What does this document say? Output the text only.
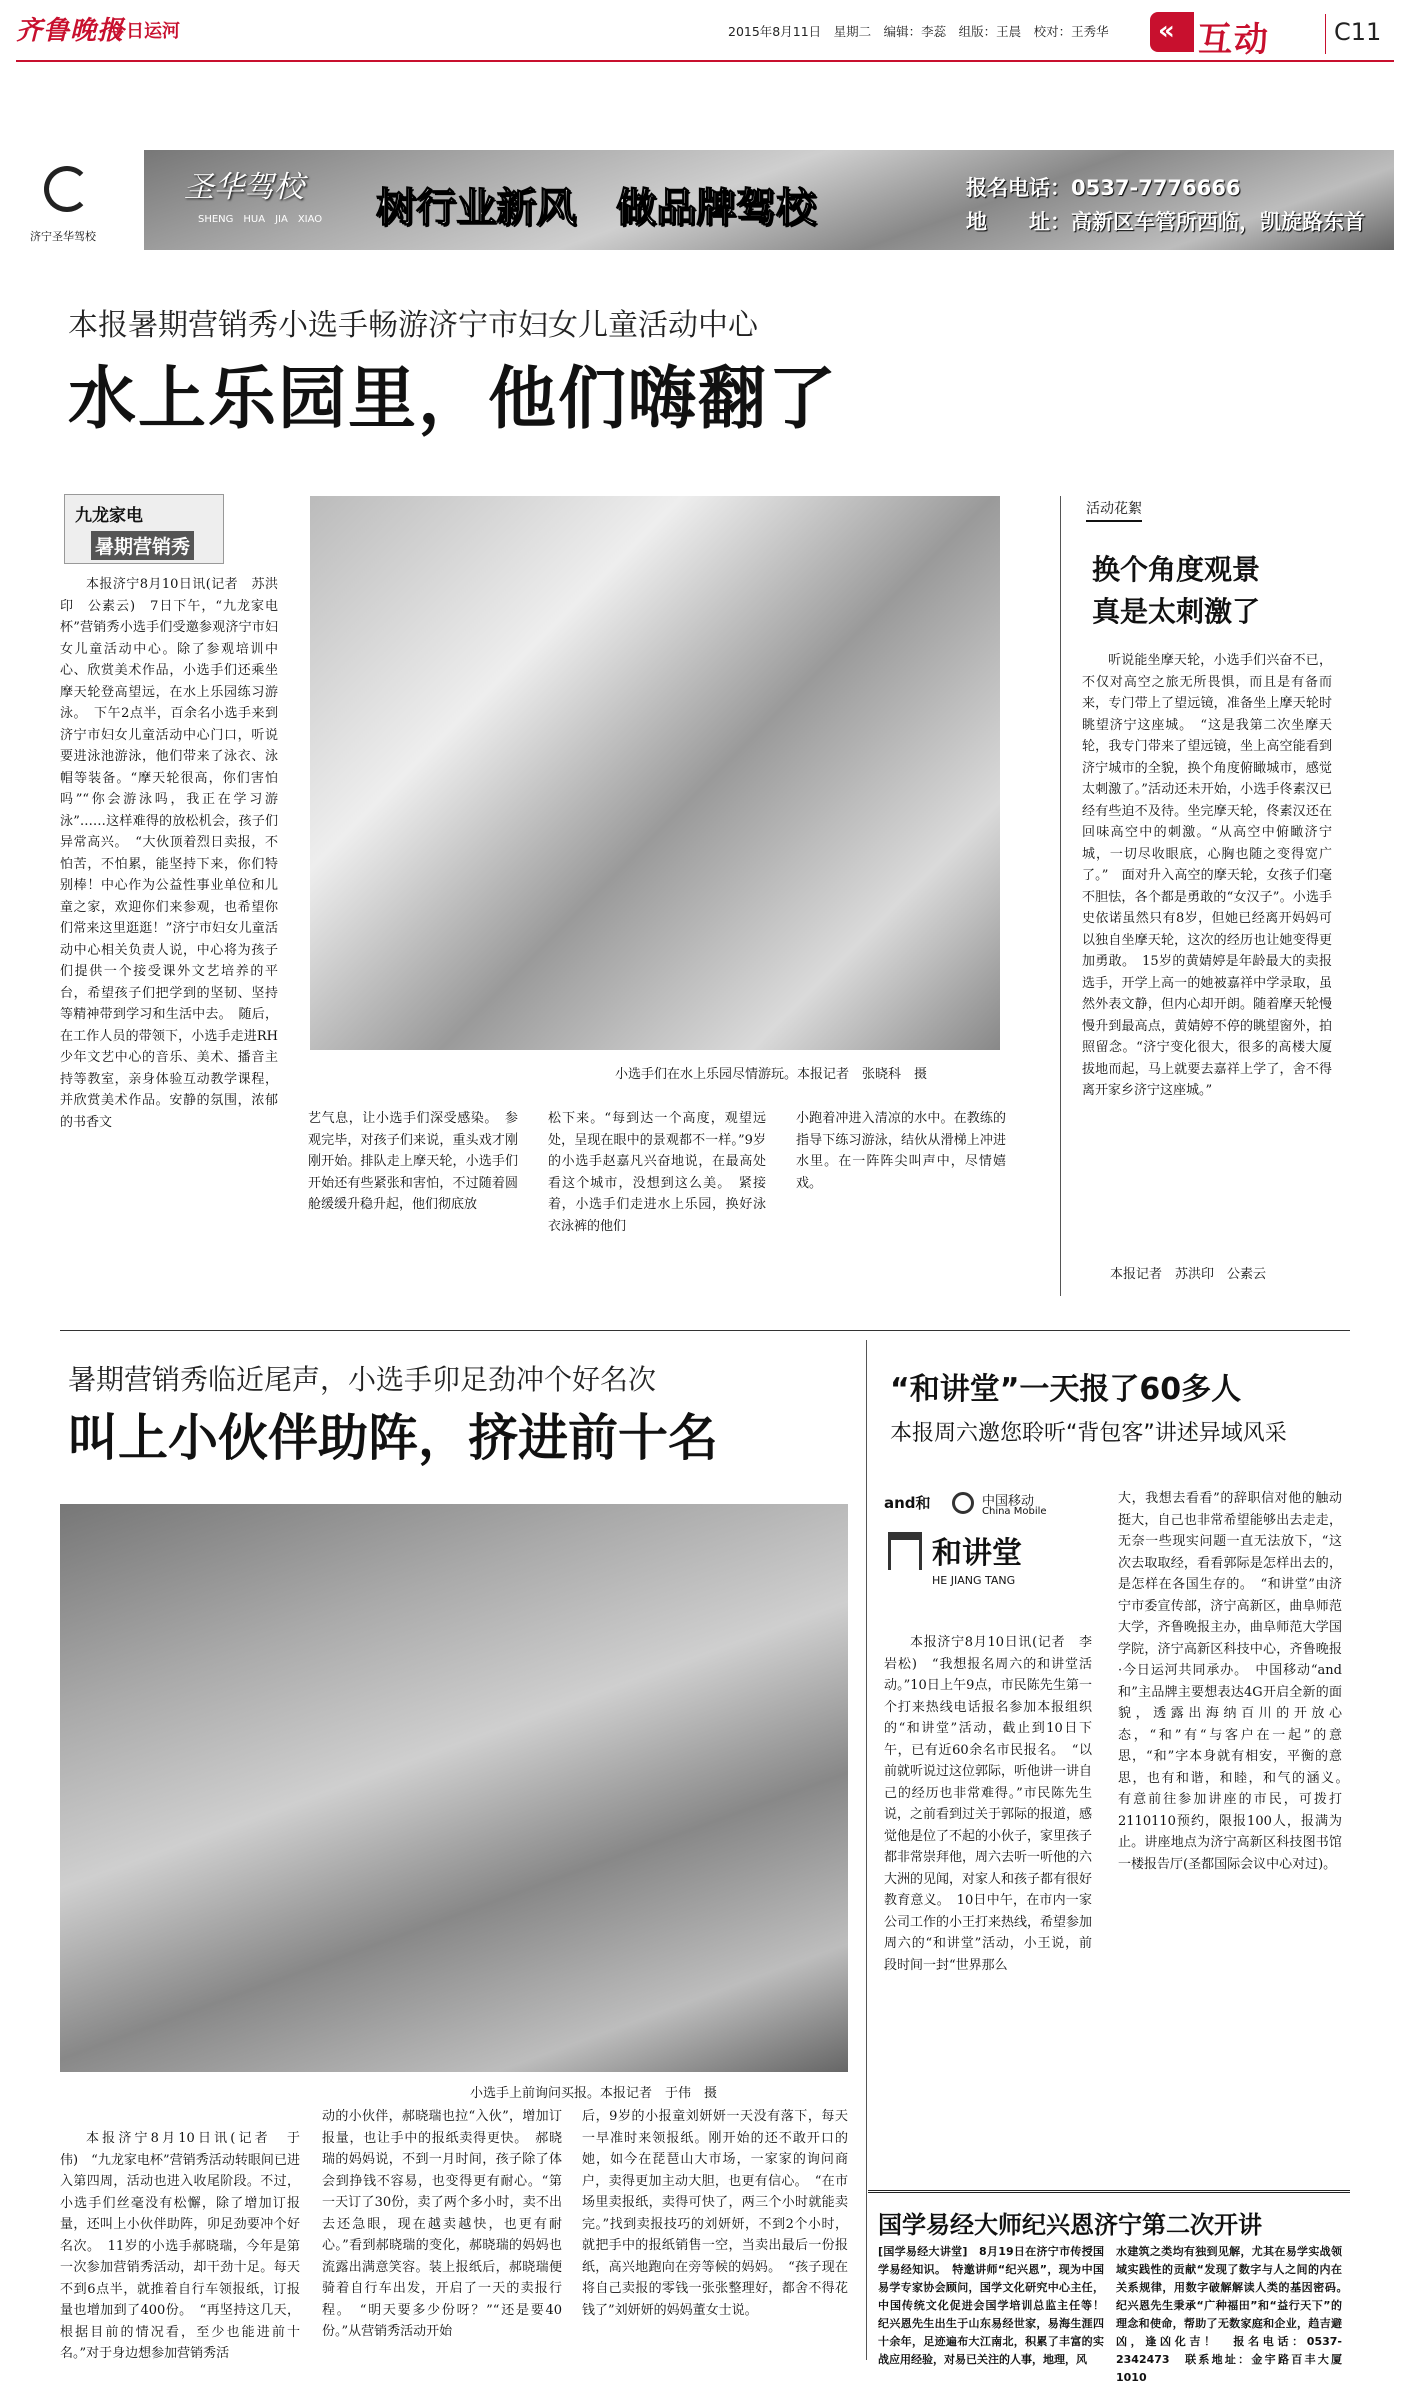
齐鲁晚报
今日运河	2015年8月11日　星期二　编辑：李蕊　组版：王晨　校对：王秀华 « 互动	C11
济宁圣华驾校
圣华驾校
SHENG　HUA　JIA　XIAO 树行业新风　做品牌驾校	报名电话：0537-7776666
地　　址：高新区车管所西临，凯旋路东首
本报暑期营销秀小选手畅游济宁市妇女儿童活动中心
水上乐园里，他们嗨翻了
九龙家电
暑期营销秀
本报济宁8月10日讯(记者　苏洪印　公素云)　7日下午，“九龙家电杯”营销秀小选手们受邀参观济宁市妇女儿童活动中心。除了参观培训中心、欣赏美术作品，小选手们还乘坐摩天轮登高望远，在水上乐园练习游泳。　下午2点半，百余名小选手来到济宁市妇女儿童活动中心门口，听说要进泳池游泳，他们带来了泳衣、泳帽等装备。“摩天轮很高，你们害怕吗”“你会游泳吗，我正在学习游泳”……这样难得的放松机会，孩子们异常高兴。　“大伙顶着烈日卖报，不怕苦，不怕累，能坚持下来，你们特别棒！中心作为公益性事业单位和儿童之家，欢迎你们来参观，也希望你们常来这里逛逛！”济宁市妇女儿童活动中心相关负责人说，中心将为孩子们提供一个接受课外文艺培养的平台，希望孩子们把学到的坚韧、坚持等精神带到学习和生活中去。　随后，在工作人员的带领下，小选手走进RH少年文艺中心的音乐、美术、播音主持等教室，亲身体验互动教学课程，并欣赏美术作品。安静的氛围，浓郁的书香文
小选手们在水上乐园尽情游玩。本报记者　张晓科　摄
艺气息，让小选手们深受感染。　参观完毕，对孩子们来说，重头戏才刚刚开始。排队走上摩天轮，小选手们开始还有些紧张和害怕，不过随着圆舱缓缓升稳升起，他们彻底放
松下来。“每到达一个高度，观望远处，呈现在眼中的景观都不一样。”9岁的小选手赵嘉凡兴奋地说，在最高处看这个城市，没想到这么美。　紧接着，小选手们走进水上乐园，换好泳衣泳裤的他们
小跑着冲进入清凉的水中。在教练的指导下练习游泳，结伙从滑梯上冲进水里。在一阵阵尖叫声中，尽情嬉戏。
活动花絮
换个角度观景
真是太刺激了
听说能坐摩天轮，小选手们兴奋不已，不仅对高空之旅无所畏惧，而且是有备而来，专门带上了望远镜，准备坐上摩天轮时眺望济宁这座城。　“这是我第二次坐摩天轮，我专门带来了望远镜，坐上高空能看到济宁城市的全貌，换个角度俯瞰城市，感觉太刺激了。”活动还未开始，小选手佟素汉已经有些迫不及待。坐完摩天轮，佟素汉还在回味高空中的刺激。“从高空中俯瞰济宁城，一切尽收眼底，心胸也随之变得宽广了。”　面对升入高空的摩天轮，女孩子们毫不胆怯，各个都是勇敢的“女汉子”。小选手史依诺虽然只有8岁，但她已经离开妈妈可以独自坐摩天轮，这次的经历也让她变得更加勇敢。　15岁的黄婧婷是年龄最大的卖报选手，开学上高一的她被嘉祥中学录取，虽然外表文静，但内心却开朗。随着摩天轮慢慢升到最高点，黄婧婷不停的眺望窗外，拍照留念。“济宁变化很大，很多的高楼大厦拔地而起，马上就要去嘉祥上学了，舍不得离开家乡济宁这座城。”
本报记者　苏洪印　公素云
暑期营销秀临近尾声，小选手卯足劲冲个好名次
叫上小伙伴助阵，挤进前十名
小选手上前询问买报。本报记者　于伟　摄
本报济宁8月10日讯(记者　于伟)　“九龙家电杯”营销秀活动转眼间已进入第四周，活动也进入收尾阶段。不过，小选手们丝毫没有松懈，除了增加订报量，还叫上小伙伴助阵，卯足劲要冲个好名次。　11岁的小选手郝晓瑞，今年是第一次参加营销秀活动，却干劲十足。每天不到6点半，就推着自行车领报纸，订报量也增加到了400份。　“再坚持这几天，根据目前的情况看，至少也能进前十名。”对于身边想参加营销秀活
动的小伙伴，郝晓瑞也拉“入伙”，增加订报量，也让手中的报纸卖得更快。　郝晓瑞的妈妈说，不到一月时间，孩子除了体会到挣钱不容易，也变得更有耐心。“第一天订了30份，卖了两个多小时，卖不出去还急眼，现在越卖越快，也更有耐心。”看到郝晓瑞的变化，郝晓瑞的妈妈也流露出满意笑容。装上报纸后，郝晓瑞便骑着自行车出发，开启了一天的卖报行程。　“明天要多少份呀？”“还是要40份。”从营销秀活动开始
后，9岁的小报童刘妍妍一天没有落下，每天一早准时来领报纸。刚开始的还不敢开口的她，如今在琵琶山大市场，一家家的询问商户，卖得更加主动大胆，也更有信心。　“在市场里卖报纸，卖得可快了，两三个小时就能卖完。”找到卖报技巧的刘妍妍，不到2个小时，就把手中的报纸销售一空，当卖出最后一份报纸，高兴地跑向在旁等候的妈妈。　“孩子现在将自己卖报的零钱一张张整理好，都舍不得花钱了”刘妍妍的妈妈董女士说。
“和讲堂”一天报了60多人
本报周六邀您聆听“背包客”讲述异域风采
and和	中国移动
China Mobile
和讲堂
HE JIANG TANG
本报济宁8月10日讯(记者　李岩松)　“我想报名周六的和讲堂活动。”10日上午9点，市民陈先生第一个打来热线电话报名参加本报组织的“和讲堂”活动，截止到10日下午，已有近60余名市民报名。　“以前就听说过这位郭际，听他讲一讲自己的经历也非常难得。”市民陈先生说，之前看到过关于郭际的报道，感觉他是位了不起的小伙子，家里孩子都非常崇拜他，周六去听一听他的六大洲的见闻，对家人和孩子都有很好教育意义。　10日中午，在市内一家公司工作的小王打来热线，希望参加周六的“和讲堂”活动，小王说，前段时间一封“世界那么
大，我想去看看”的辞职信对他的触动挺大，自己也非常希望能够出去走走，无奈一些现实问题一直无法放下，“这次去取取经，看看郭际是怎样出去的，是怎样在各国生存的。　“和讲堂”由济宁市委宣传部，济宁高新区，曲阜师范大学，齐鲁晚报主办，曲阜师范大学国学院，济宁高新区科技中心，齐鲁晚报·今日运河共同承办。　中国移动“and和”主品牌主要想表达4G开启全新的面貌，透露出海纳百川的开放心态，“和”有“与客户在一起”的意思，“和”字本身就有相安，平衡的意思，也有和谐，和睦，和气的涵义。　有意前往参加讲座的市民，可拨打2110110预约，限报100人，报满为止。讲座地点为济宁高新区科技图书馆一楼报告厅(圣都国际会议中心对过)。
国学易经大师纪兴恩济宁第二次开讲
[国学易经大讲堂]　8月19日在济宁市传授国学易经知识。　特邀讲师“纪兴恩”，现为中国易学专家协会顾问，国学文化研究中心主任，中国传统文化促进会国学培训总监主任等！　纪兴恩先生出生于山东易经世家，易海生涯四十余年，足迹遍布大江南北，积累了丰富的实战应用经验，对易已关注的人事，地理，风
水建筑之类均有独到见解，尤其在易学实战领域实践性的贡献“发现了数字与人之间的内在关系规律，用数字破解解读人类的基因密码。　纪兴恩先生秉承“广种福田”和“益行天下”的理念和使命，帮助了无数家庭和企业，趋吉避凶，逢凶化吉！　报名电话：0537-2342473　联系地址：金宇路百丰大厦1010
